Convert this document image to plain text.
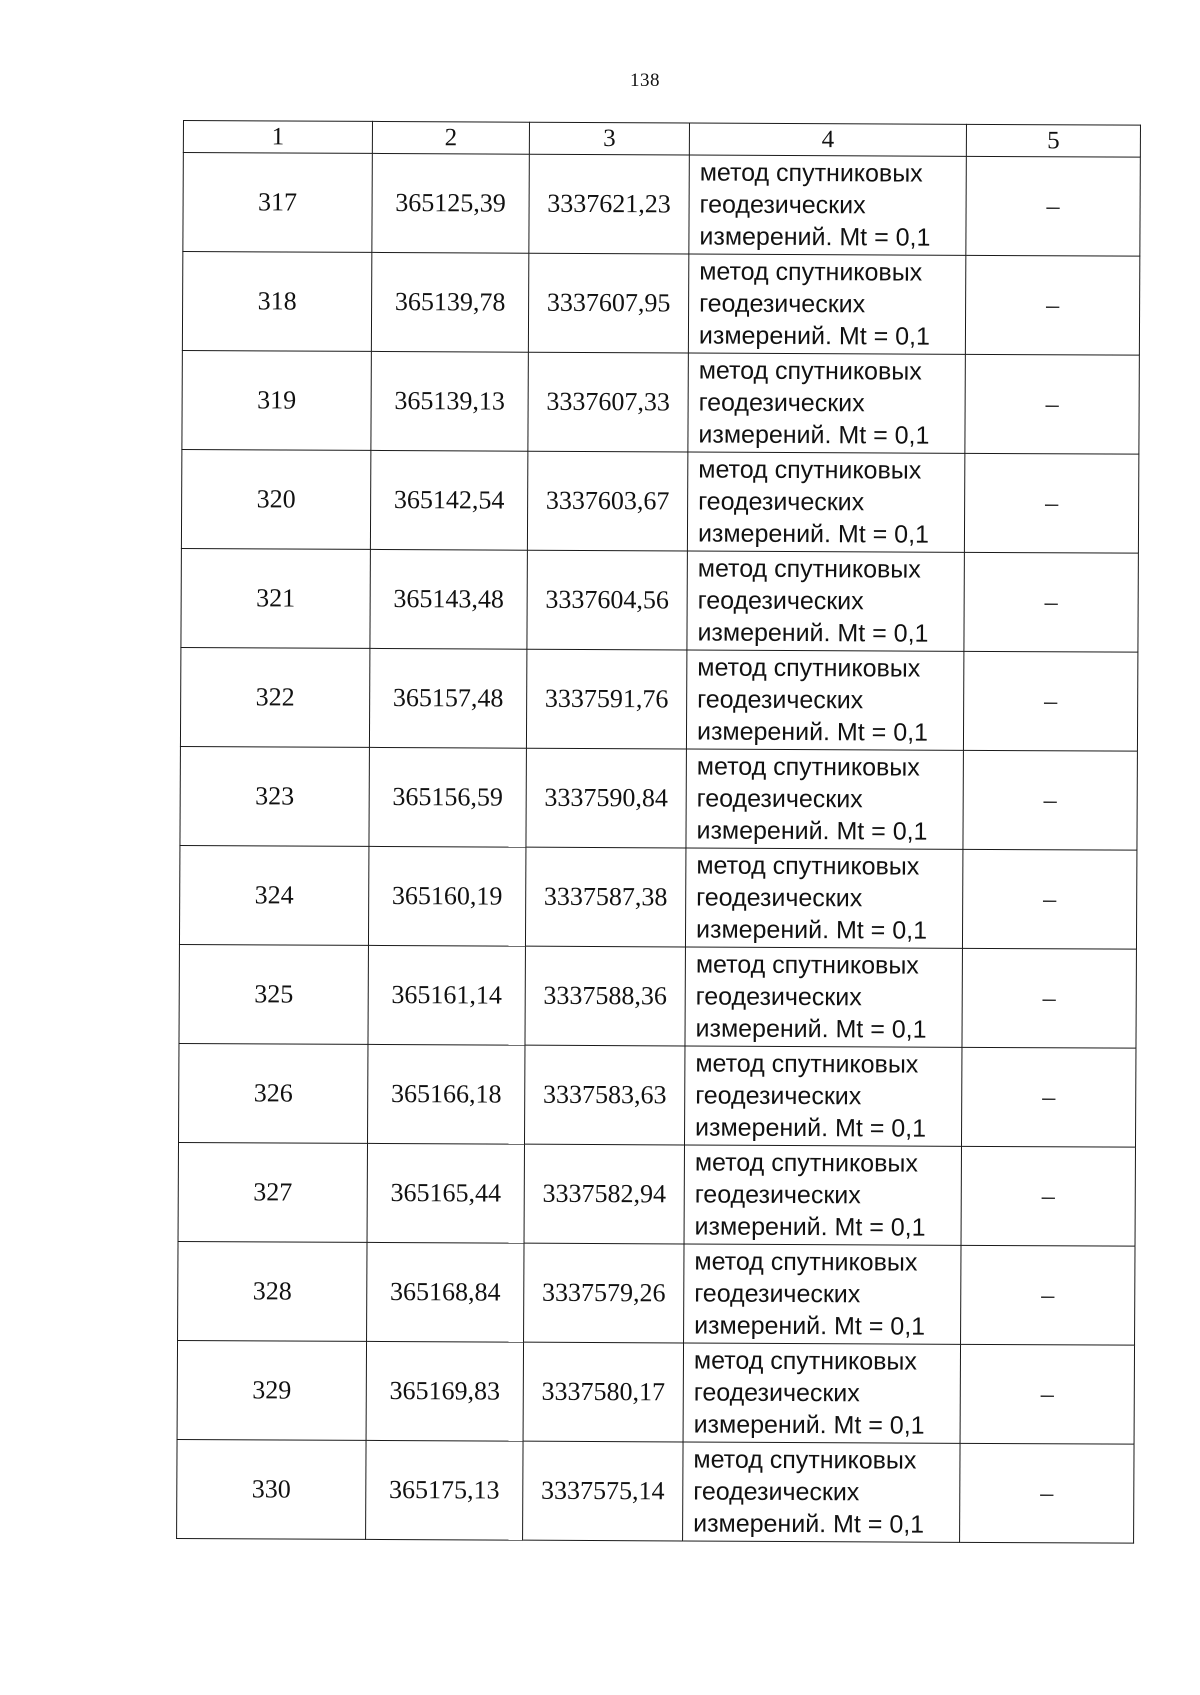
138
1	2	3	4	5
317	365125,39	3337621,23	метод спутниковых
геодезических
измерений. Mt = 0,1	–
318	365139,78	3337607,95	метод спутниковых
геодезических
измерений. Mt = 0,1	–
319	365139,13	3337607,33	метод спутниковых
геодезических
измерений. Mt = 0,1	–
320	365142,54	3337603,67	метод спутниковых
геодезических
измерений. Mt = 0,1	–
321	365143,48	3337604,56	метод спутниковых
геодезических
измерений. Mt = 0,1	–
322	365157,48	3337591,76	метод спутниковых
геодезических
измерений. Mt = 0,1	–
323	365156,59	3337590,84	метод спутниковых
геодезических
измерений. Mt = 0,1	–
324	365160,19	3337587,38	метод спутниковых
геодезических
измерений. Mt = 0,1	–
325	365161,14	3337588,36	метод спутниковых
геодезических
измерений. Mt = 0,1	–
326	365166,18	3337583,63	метод спутниковых
геодезических
измерений. Mt = 0,1	–
327	365165,44	3337582,94	метод спутниковых
геодезических
измерений. Mt = 0,1	–
328	365168,84	3337579,26	метод спутниковых
геодезических
измерений. Mt = 0,1	–
329	365169,83	3337580,17	метод спутниковых
геодезических
измерений. Mt = 0,1	–
330	365175,13	3337575,14	метод спутниковых
геодезических
измерений. Mt = 0,1	–
